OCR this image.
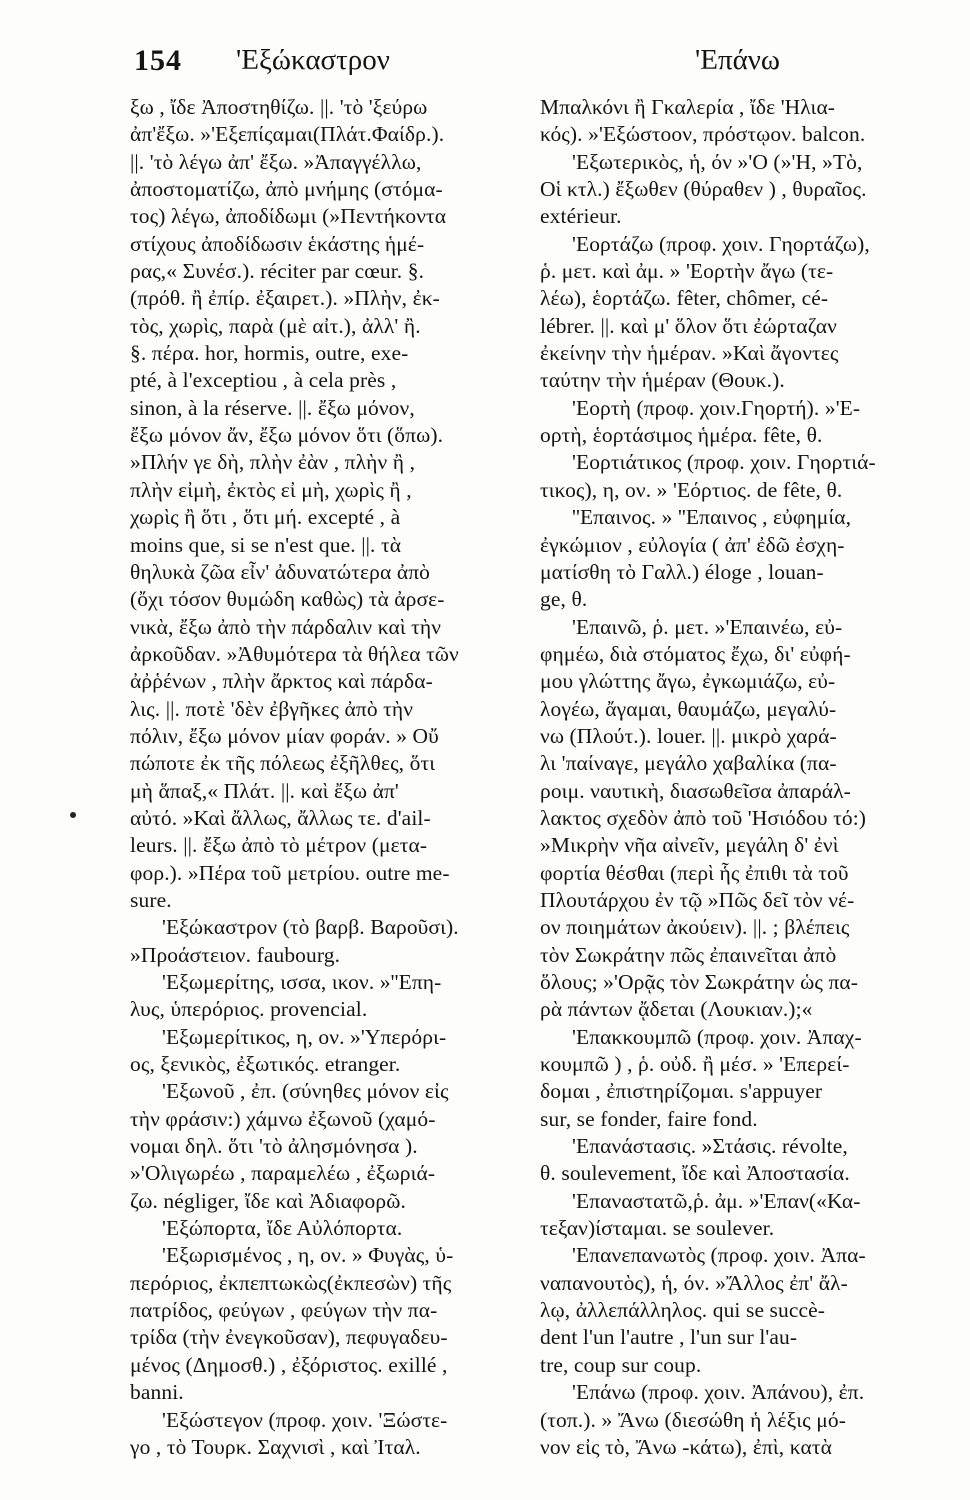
154 'Εξώκαστρον	'Επάνω
ξω , ἴδε Ἀποστηθίζω. ||. 'τὸ 'ξεύρω
ἀπ'ἔξω. »'Εξεπίςαμαι(Πλάτ.Φαίδρ.).
||. 'τὸ λέγω ἀπ' ἔξω. »Ἀπαγγέλλω,
ἀποστοματίζω, ἀπὸ μνήμης (στόμα-
τος) λέγω, ἀποδίδωμι (»Πεντήκοντα
στίχους ἀποδίδωσιν ἑκάστης ἡμέ-
ρας,« Συνέσ.). réciter par cœur. §.
(πρόθ. ἢ ἐπίρ. ἐξαιρετ.). »Πλὴν, ἐκ-
τὸς, χωρὶς, παρὰ (μὲ αἰτ.), ἀλλ' ἢ.
§. πέρα. hor, hormis, outre, exe-
pté, à l'exceptiou , à cela près ,
sinon, à la réserve. ||. ἔξω μόνον,
ἔξω μόνον ἄν, ἔξω μόνον ὅτι (ὅπω).
»Πλήν γε δὴ, πλὴν ἐὰν , πλὴν ἢ ,
πλὴν εἰμὴ, ἐκτὸς εἰ μὴ, χωρὶς ἢ ,
χωρὶς ἢ ὅτι , ὅτι μή. excepté , à
moins que, si se n'est que. ||. τὰ
θηλυκὰ ζῶα εἶν' ἀδυνατώτερα ἀπὸ
(ὄχι τόσον θυμώδη καθὼς) τὰ ἀρσε-
νικὰ, ἔξω ἀπὸ τὴν πάρδαλιν καὶ τὴν
ἀρκοῦδαν. »Ἀθυμότερα τὰ θήλεα τῶν
ἀῤῥένων , πλὴν ἄρκτος καὶ πάρδα-
λις. ||. ποτὲ 'δὲν ἐβγῆκες ἀπὸ τὴν
πόλιν, ἔξω μόνον μίαν φοράν. » Οὔ
πώποτε ἐκ τῆς πόλεως ἐξῆλθες, ὅτι
μὴ ἅπαξ,« Πλάτ. ||. καὶ ἔξω ἀπ'
αὐτό. »Καὶ ἄλλως, ἄλλως τε. d'ail-
leurs. ||. ἔξω ἀπὸ τὸ μέτρον (μετα-
φορ.). »Πέρα τοῦ μετρίου. outre me-
sure.
'Εξώκαστρον (τὸ βαρβ. Βαροῦσι).
»Προάστειον. faubourg.
'Εξωμερίτης, ισσα, ικον. »''Επη-
λυς, ὑπερόριος. provencial.
'Εξωμερίτικος, η, ον. »'Υπερόρι-
ος, ξενικὸς, ἐξωτικός. etranger.
'Εξωνοῦ , ἐπ. (σύνηθες μόνον εἰς
τὴν φράσιν:) χάμνω ἐξωνοῦ (χαμό-
νομαι δηλ. ὅτι 'τὸ ἀλησμόνησα ).
»'Ολιγωρέω , παραμελέω , ἐξωριά-
ζω. négliger, ἴδε καὶ Ἀδιαφορῶ.
'Εξώπορτα, ἴδε Αὐλόπορτα.
'Εξωρισμένος , η, ον. » Φυγὰς, ὑ-
περόριος, ἐκπεπτωκὼς(ἐκπεσὼν) τῆς
πατρίδος, φεύγων , φεύγων τὴν πα-
τρίδα (τὴν ἐνεγκοῦσαν), πεφυγαδευ-
μένος (Δημοσθ.) , ἐξόριστος. exillé ,
banni.
'Εξώστεγον (προφ. χοιν. 'Ξώστε-
γο , τὸ Τουρκ. Σαχνισὶ , καὶ Ἰταλ.
Μπαλκόνι ἢ Γκαλερία , ἴδε 'Ηλια-
κός). »'Εξώστοον, πρόστῳον. balcon.
'Εξωτερικὸς, ἡ, όν »'Ο (»'Η, »Τὸ,
Οἱ κτλ.) ἔξωθεν (θύραθεν ) , θυραῖος.
extérieur.
'Εορτάζω (προφ. χοιν. Γηορτάζω),
ῥ. μετ. καὶ ἀμ. » 'Εορτὴν ἄγω (τε-
λέω), ἑορτάζω. fêter, chômer, cé-
lébrer. ||. καὶ μ' ὅλον ὅτι ἐώρταζαν
ἐκείνην τὴν ἡμέραν. »Καὶ ἄγοντες
ταύτην τὴν ἡμέραν (Θουκ.).
'Εορτὴ (προφ. χοιν.Γηορτή). »'Ε-
ορτὴ, ἑορτάσιμος ἡμέρα. fête, θ.
'Εορτιάτικος (προφ. χοιν. Γηορτιά-
τικος), η, ον. » 'Εόρτιος. de fête, θ.
''Επαινος. » ''Επαινος , εὐφημία,
ἐγκώμιον , εὐλογία ( ἀπ' ἐδῶ ἐσχη-
ματίσθη τὸ Γαλλ.) éloge , louan-
ge, θ.
'Επαινῶ, ῥ. μετ. »'Επαινέω, εὐ-
φημέω, διὰ στόματος ἔχω, δι' εὐφή-
μου γλώττης ἄγω, ἐγκωμιάζω, εὐ-
λογέω, ἄγαμαι, θαυμάζω, μεγαλύ-
νω (Πλούτ.). louer. ||. μικρὸ χαρά-
λι 'παίναγε, μεγάλο χαβαλίκα (πα-
ροιμ. ναυτικὴ, διασωθεῖσα ἀπαράλ-
λακτος σχεδὸν ἀπὸ τοῦ 'Ησιόδου τό:)
»Μικρὴν νῆα αἰνεῖν, μεγάλη δ' ἐνὶ
φορτία θέσθαι (περὶ ἧς ἐπιθι τὰ τοῦ
Πλουτάρχου ἐν τῷ »Πῶς δεῖ τὸν νέ-
ον ποιημάτων ἀκούειν). ||. ; βλέπεις
τὸν Σωκράτην πῶς ἐπαινεῖται ἀπὸ
ὅλους; »'Ορᾷς τὸν Σωκράτην ὡς πα-
ρὰ πάντων ᾄδεται (Λουκιαν.);«
'Επακκουμπῶ (προφ. χοιν. Ἀπαχ-
κουμπῶ ) , ῥ. οὐδ. ἢ μέσ. » 'Επερεί-
δομαι , ἐπιστηρίζομαι. s'appuyer
sur, se fonder, faire fond.
'Επανάστασις. »Στάσις. révolte,
θ. soulevement, ἴδε καὶ Ἀποστασία.
'Επαναστατῶ,ῥ. ἀμ. »'Επαν(«Κα-
τεξαν)ίσταμαι. se soulever.
'Επανεπανωτὸς (προφ. χοιν. Ἀπα-
ναπανουτὸς), ἡ, όν. »Ἄλλος ἐπ' ἄλ-
λῳ, ἀλλεπάλληλος. qui se succè-
dent l'un l'autre , l'un sur l'au-
tre, coup sur coup.
'Επάνω (προφ. χοιν. Ἀπάνου), ἐπ.
(τοπ.). » Ἄνω (διεσώθη ἡ λέξις μό-
νον εἰς τὸ, Ἄνω -κάτω), ἐπὶ, κατὰ
